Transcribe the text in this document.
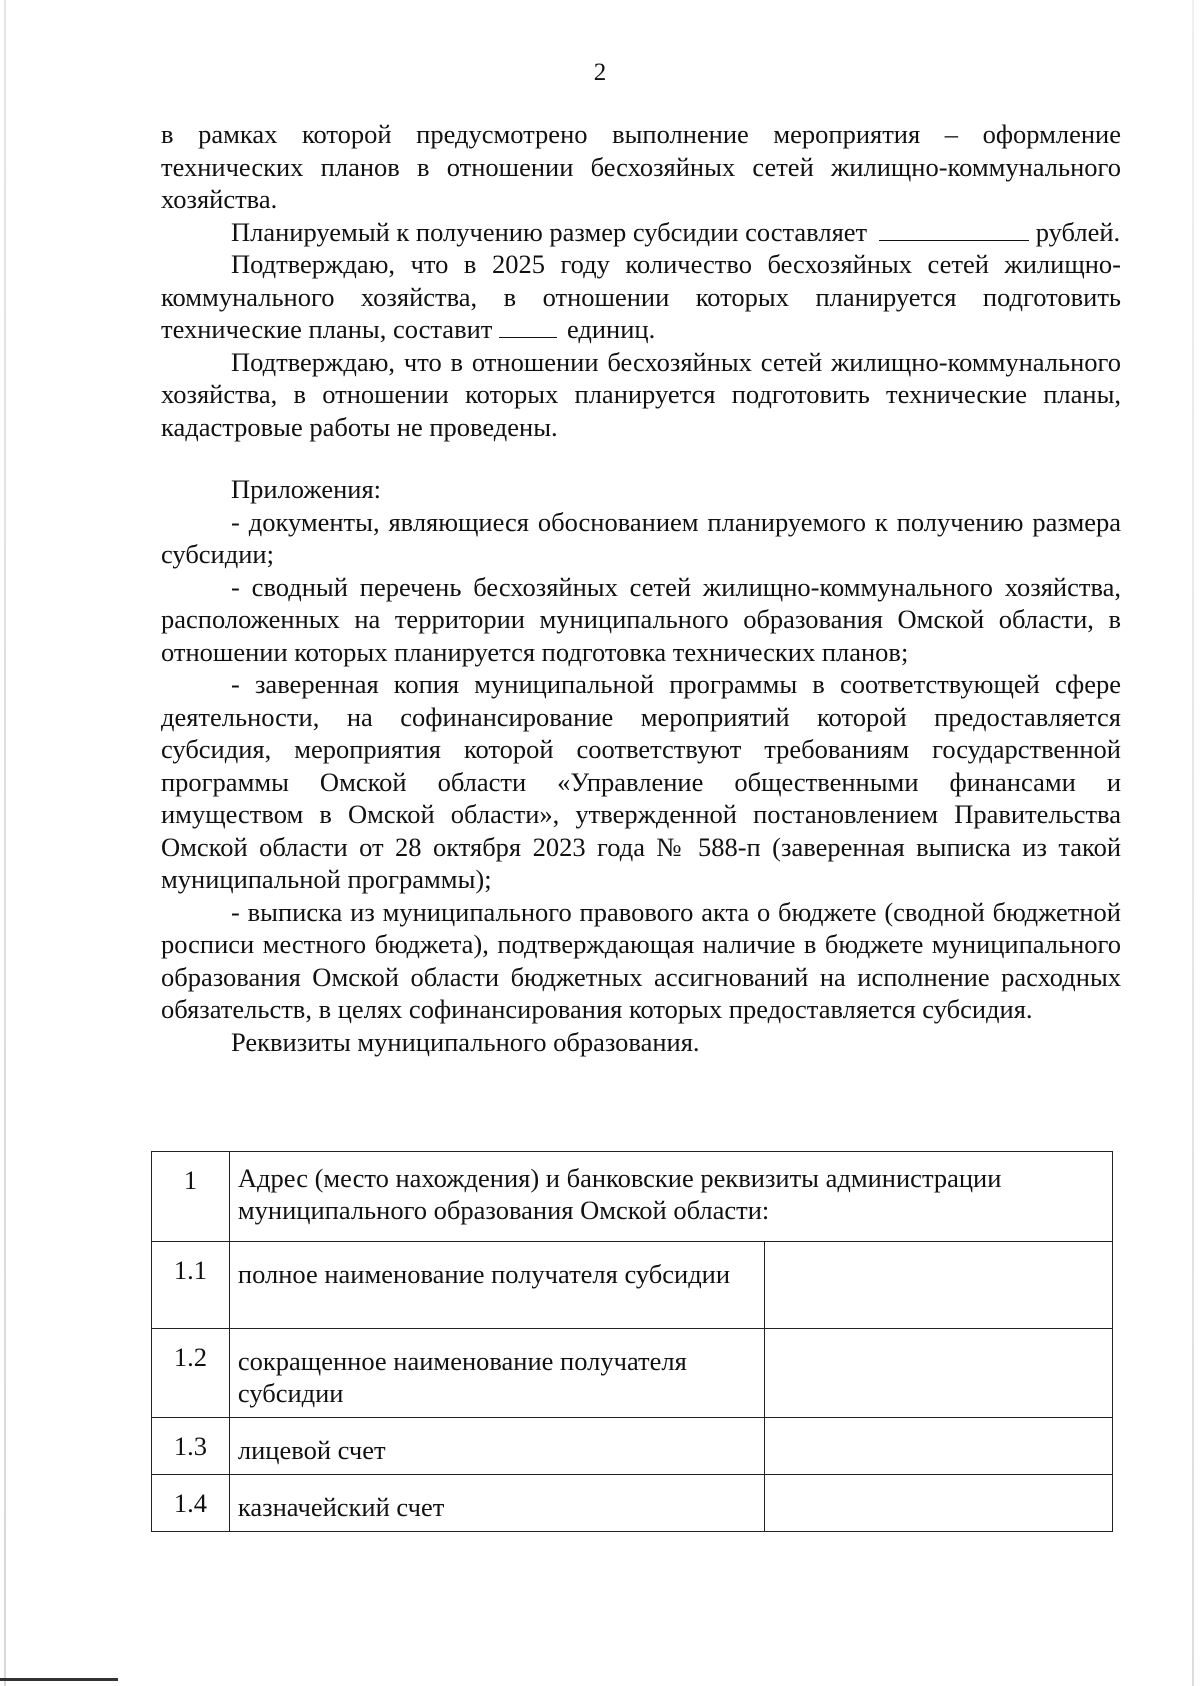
2

в рамках которой предусмотрено выполнение мероприятия – оформление технических планов в отношении бесхозяйных сетей жилищно-коммунального хозяйства.

Планируемый к получению размер субсидии составляет	рублей.

Подтверждаю, что в 2025 году количество бесхозяйных сетей жилищно-коммунального хозяйства, в отношении которых планируется подготовить технические планы, составит	единиц.

Подтверждаю, что в отношении бесхозяйных сетей жилищно-коммунального хозяйства, в отношении которых планируется подготовить технические планы, кадастровые работы не проведены.

Приложения:

- документы, являющиеся обоснованием планируемого к получению размера субсидии;

- сводный перечень бесхозяйных сетей жилищно-коммунального хозяйства, расположенных на территории муниципального образования Омской области, в отношении которых планируется подготовка технических планов;

- заверенная копия муниципальной программы в соответствующей сфере деятельности, на софинансирование мероприятий которой предоставляется субсидия, мероприятия которой соответствуют требованиям государственной программы Омской области «Управление общественными финансами и имуществом в Омской области», утвержденной постановлением Правительства Омской области от 28 октября 2023 года № 588-п (заверенная выписка из такой муниципальной программы);

- выписка из муниципального правового акта о бюджете (сводной бюджетной росписи местного бюджета), подтверждающая наличие в бюджете муниципального образования Омской области бюджетных ассигнований на исполнение расходных обязательств, в целях софинансирования которых предоставляется субсидия.

Реквизиты муниципального образования.

1	Адрес (место нахождения) и банковские реквизиты администрации муниципального образования Омской области:	
1.1	полное наименование получателя субсидии	
1.2	сокращенное наименование получателя субсидии	
1.3	лицевой счет	
1.4	казначейский счет	
